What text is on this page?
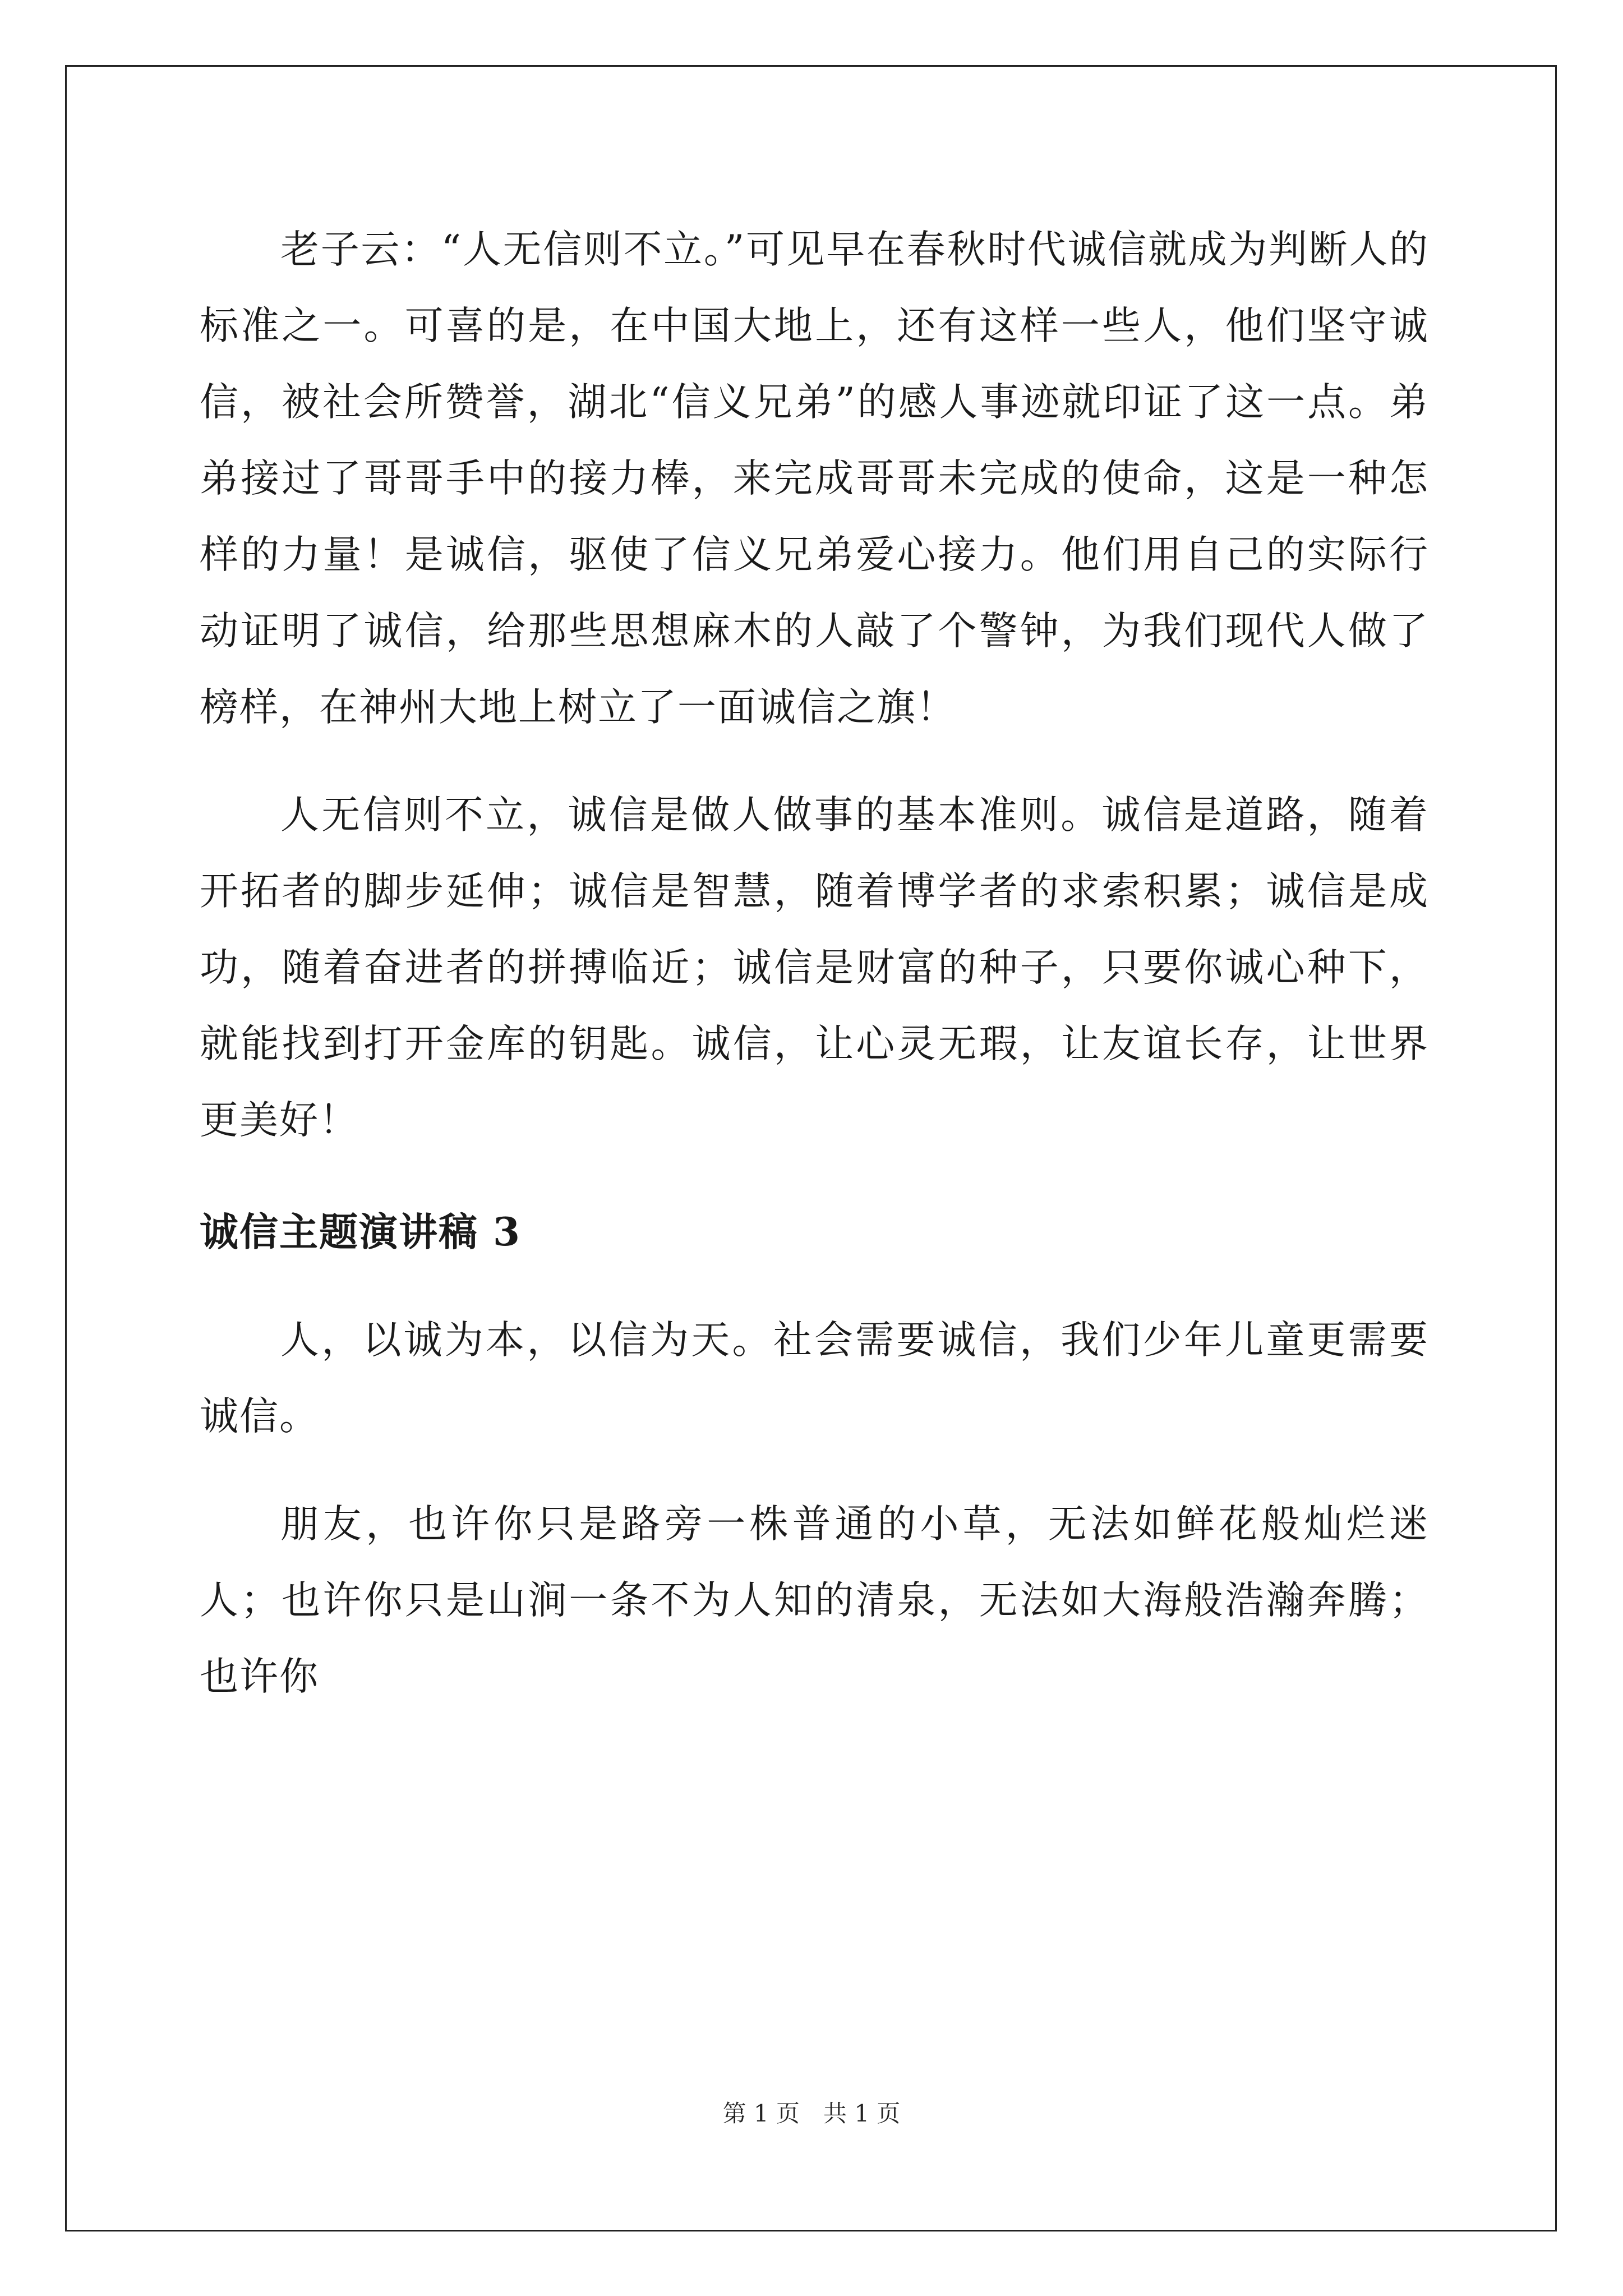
老子云：“人无信则不立。”可见早在春秋时代诚信就成为判断人的标准之一。可喜的是，在中国大地上，还有这样一些人，他们坚守诚信，被社会所赞誉，湖北“信义兄弟”的感人事迹就印证了这一点。弟弟接过了哥哥手中的接力棒，来完成哥哥未完成的使命，这是一种怎样的力量！是诚信，驱使了信义兄弟爱心接力。他们用自己的实际行动证明了诚信，给那些思想麻木的人敲了个警钟，为我们现代人做了榜样，在神州大地上树立了一面诚信之旗！

人无信则不立，诚信是做人做事的基本准则。诚信是道路，随着开拓者的脚步延伸；诚信是智慧，随着博学者的求索积累；诚信是成功，随着奋进者的拼搏临近；诚信是财富的种子，只要你诚心种下，就能找到打开金库的钥匙。诚信，让心灵无瑕，让友谊长存，让世界更美好！

诚信主题演讲稿 3

人，以诚为本，以信为天。社会需要诚信，我们少年儿童更需要诚信。

朋友，也许你只是路旁一株普通的小草，无法如鲜花般灿烂迷人；也许你只是山涧一条不为人知的清泉，无法如大海般浩瀚奔腾；也许你

第 1 页　共 1 页
